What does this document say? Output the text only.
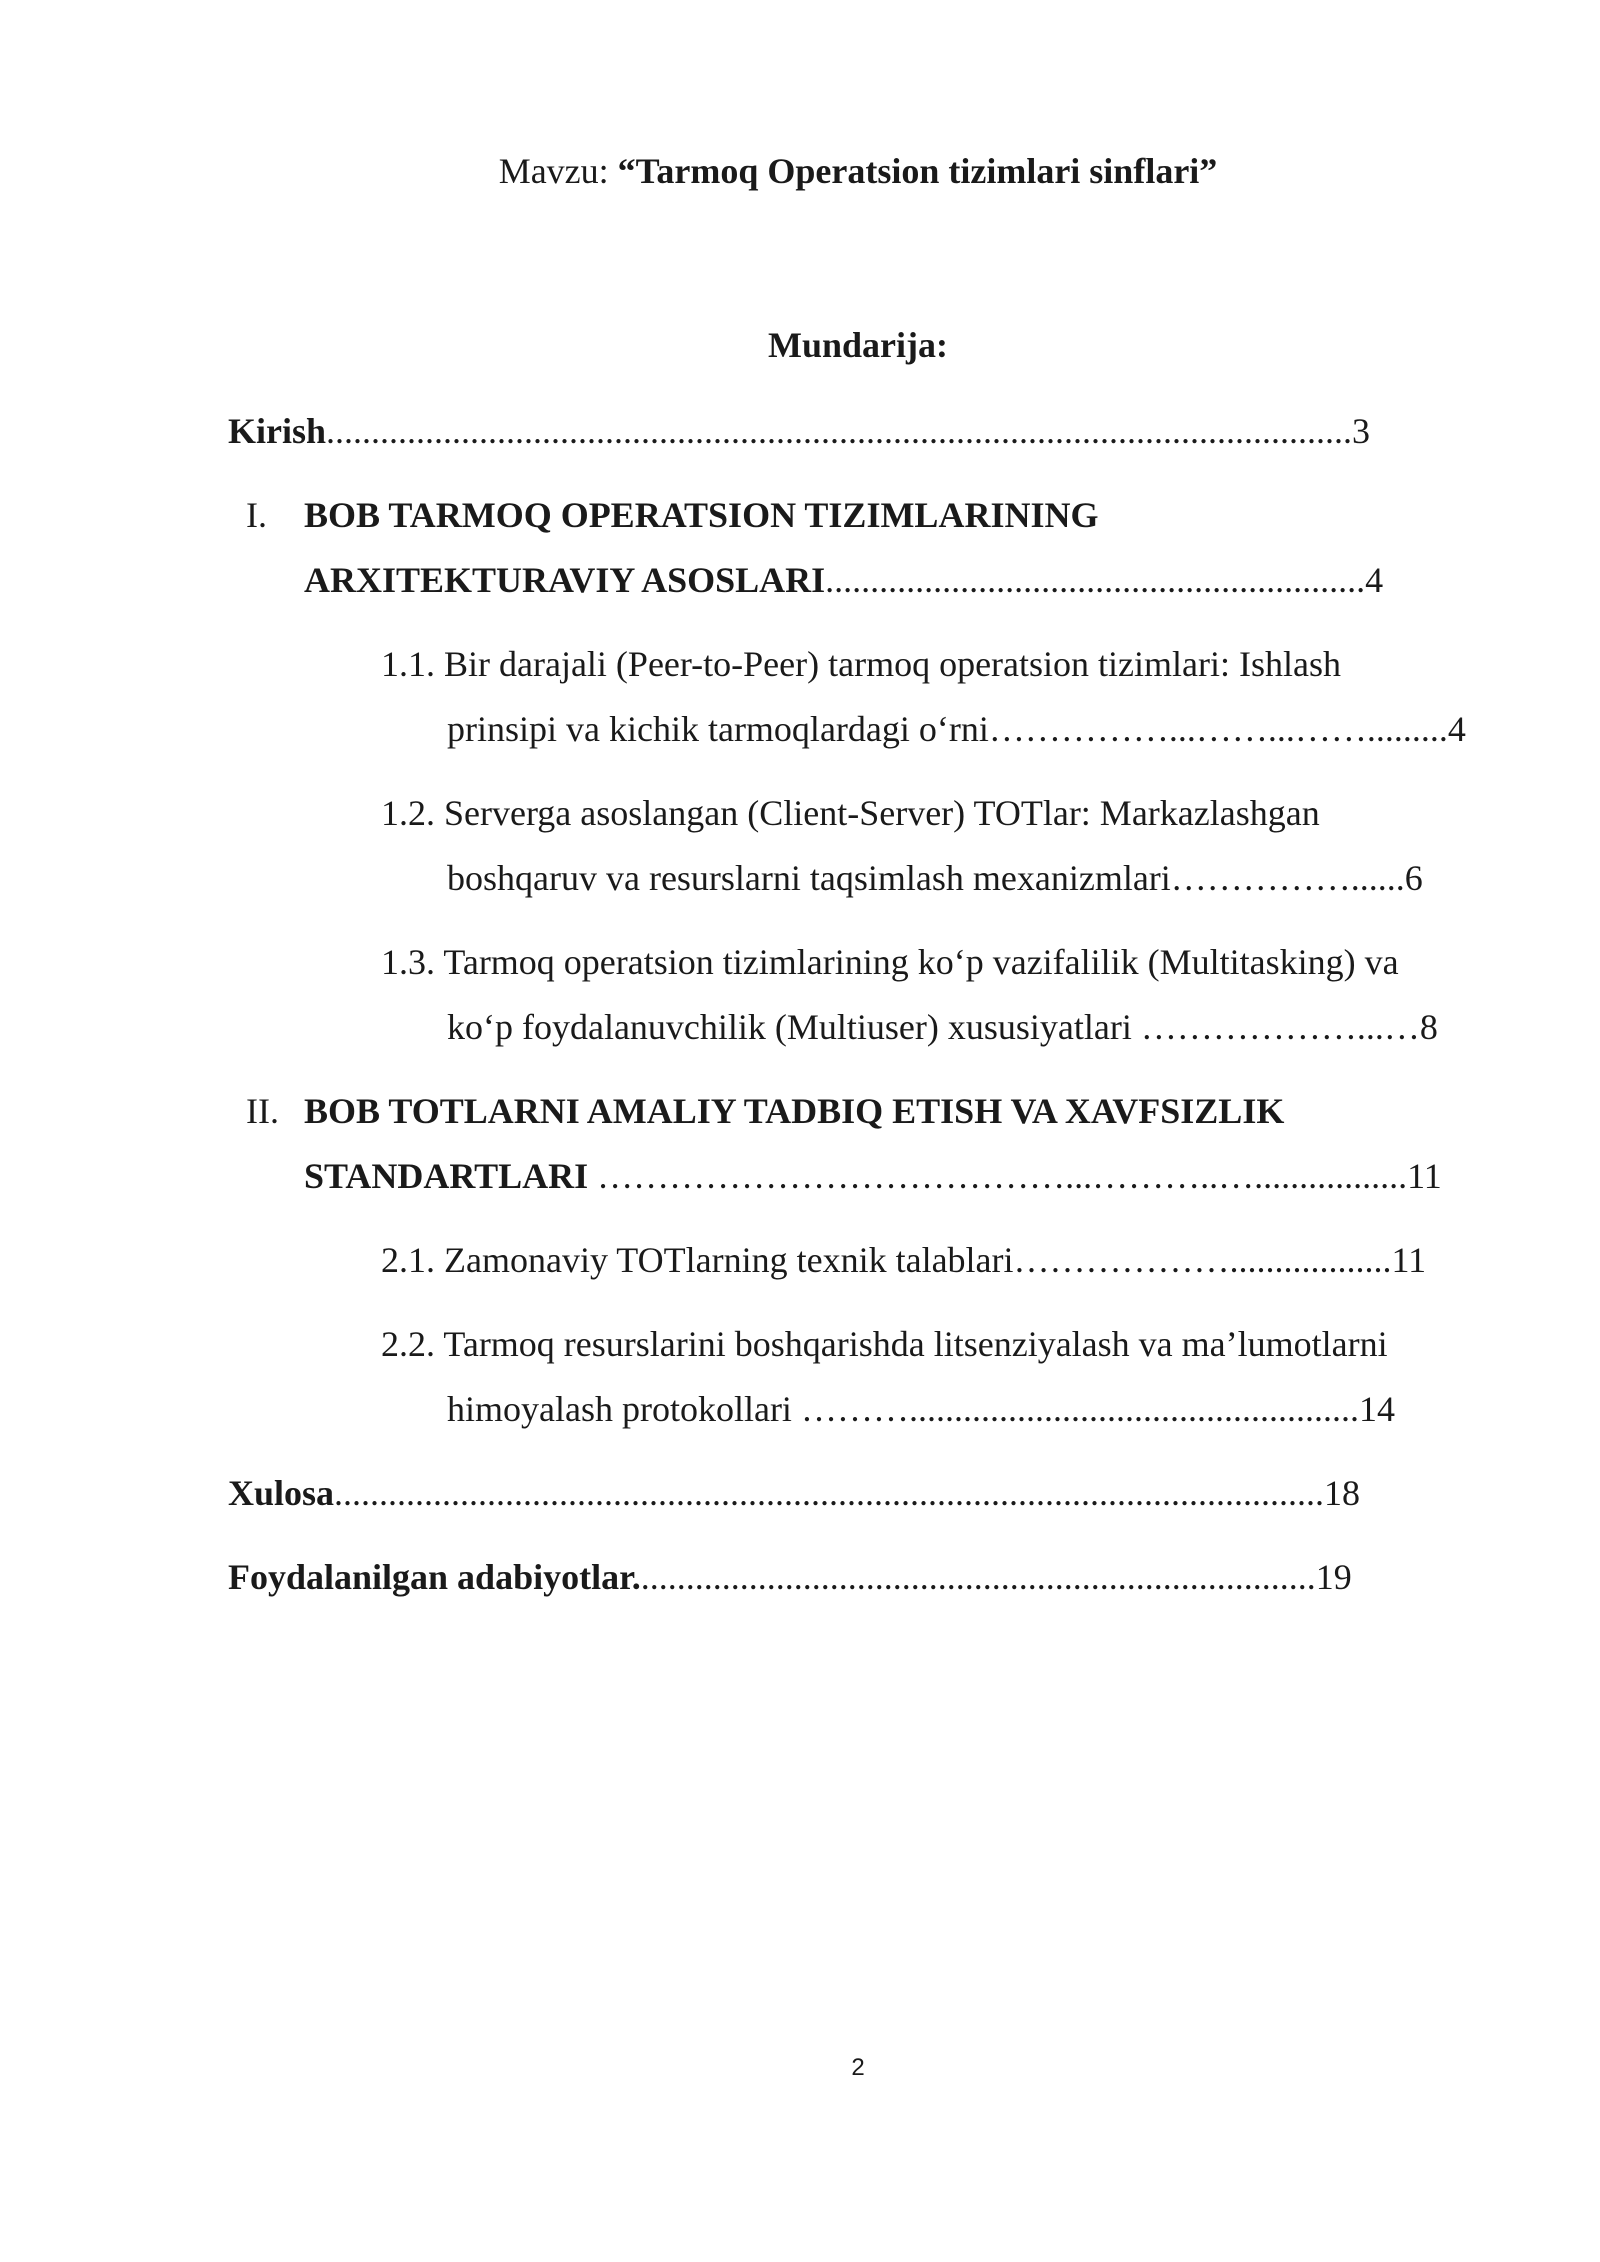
Mavzu: “Tarmoq Operatsion tizimlari sinflari”
Mundarija:
Kirish..................................................................................................................3
I. BOB TARMOQ OPERATSION TIZIMLARINING
ARXITEKTURAVIY ASOSLARI............................................................4
1.1. Bir darajali (Peer-to-Peer) tarmoq operatsion tizimlari: Ishlash
prinsipi va kichik tarmoqlardagi o‘rni……………...……...…….........4
1.2. Serverga asoslangan (Client-Server) TOTlar: Markazlashgan
boshqaruv va resurslarni taqsimlash mexanizmlari……………......6
1.3. Tarmoq operatsion tizimlarining ko‘p vazifalilik (Multitasking) va
ko‘p foydalanuvchilik (Multiuser) xususiyatlari ………………...…8
II. BOB TOTLARNI AMALIY TADBIQ ETISH VA XAVFSIZLIK
STANDARTLARI …………………………………...………..….................11
2.1. Zamonaviy TOTlarning texnik talablari………………..................11
2.2. Tarmoq resurslarini boshqarishda litsenziyalash va ma’lumotlarni
himoyalash protokollari ………..................................................14
Xulosa..............................................................................................................18
Foydalanilgan adabiyotlar............................................................................19
2
